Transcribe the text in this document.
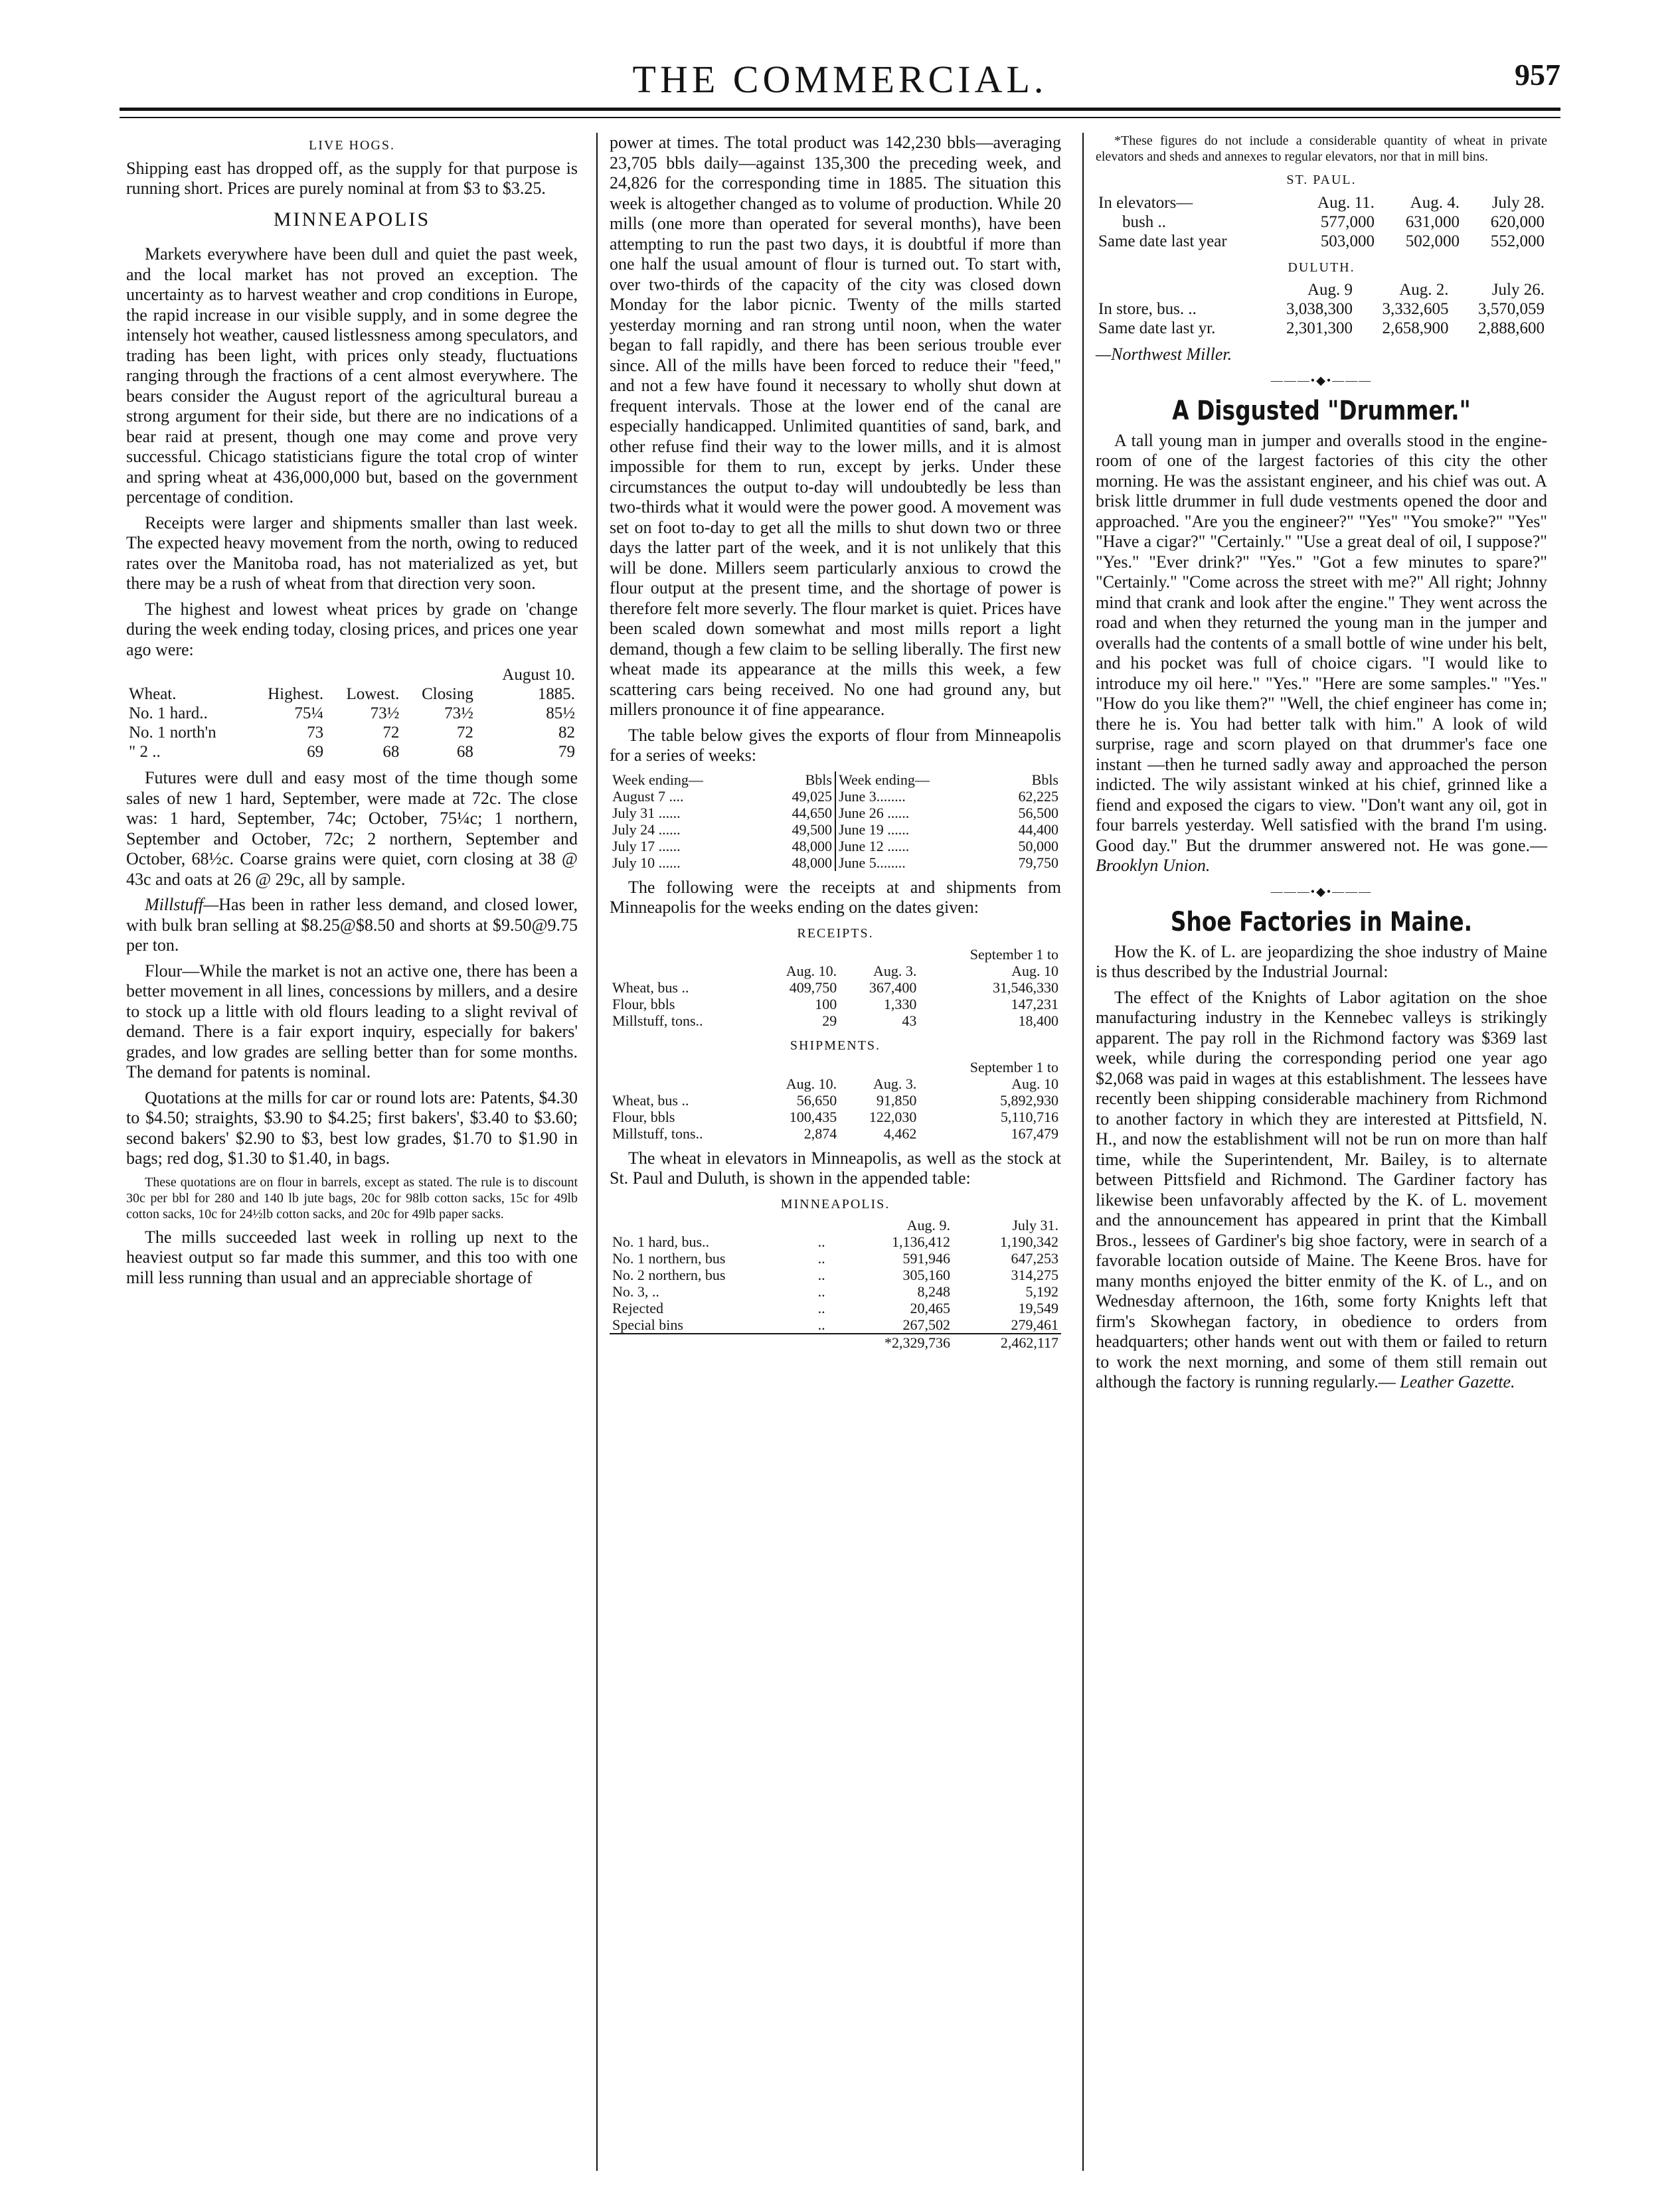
THE COMMERCIAL.	957
LIVE HOGS.

Shipping east has dropped off, as the supply for that purpose is running short. Prices are purely nominal at from $3 to $3.25.

MINNEAPOLIS

Markets everywhere have been dull and quiet the past week, and the local market has not proved an exception. The uncertainty as to harvest weather and crop conditions in Europe, the rapid increase in our visible supply, and in some degree the intensely hot weather, caused listlessness among speculators, and trading has been light, with prices only steady, fluctuations ranging through the fractions of a cent almost everywhere. The bears consider the August report of the agricultural bureau a strong argument for their side, but there are no indications of a bear raid at present, though one may come and prove very successful. Chicago statisticians figure the total crop of winter and spring wheat at 436,000,000 but, based on the government percentage of condition.

Receipts were larger and shipments smaller than last week. The expected heavy movement from the north, owing to reduced rates over the Manitoba road, has not materialized as yet, but there may be a rush of wheat from that direction very soon.

The highest and lowest wheat prices by grade on 'change during the week ending today, closing prices, and prices one year ago were:

				August 10.
Wheat.	Highest.	Lowest.	Closing	1885.
No. 1 hard..	75¼	73½	73½	85½
No. 1 north'n	73	72	72	82
" 2 ..	69	68	68	79

Futures were dull and easy most of the time though some sales of new 1 hard, September, were made at 72c. The close was: 1 hard, September, 74c; October, 75¼c; 1 northern, September and October, 72c; 2 northern, September and October, 68½c. Coarse grains were quiet, corn closing at 38 @ 43c and oats at 26 @ 29c, all by sample.

Millstuff—Has been in rather less demand, and closed lower, with bulk bran selling at $8.25@$8.50 and shorts at $9.50@9.75 per ton.

Flour—While the market is not an active one, there has been a better movement in all lines, concessions by millers, and a desire to stock up a little with old flours leading to a slight revival of demand. There is a fair export inquiry, especially for bakers' grades, and low grades are selling better than for some months. The demand for patents is nominal.

Quotations at the mills for car or round lots are: Patents, $4.30 to $4.50; straights, $3.90 to $4.25; first bakers', $3.40 to $3.60; second bakers' $2.90 to $3, best low grades, $1.70 to $1.90 in bags; red dog, $1.30 to $1.40, in bags.

These quotations are on flour in barrels, except as stated. The rule is to discount 30c per bbl for 280 and 140 lb jute bags, 20c for 98lb cotton sacks, 15c for 49lb cotton sacks, 10c for 24½lb cotton sacks, and 20c for 49lb paper sacks.

The mills succeeded last week in rolling up next to the heaviest output so far made this summer, and this too with one mill less running than usual and an appreciable shortage of

power at times. The total product was 142,230 bbls—averaging 23,705 bbls daily—against 135,300 the preceding week, and 24,826 for the corresponding time in 1885. The situation this week is altogether changed as to volume of production. While 20 mills (one more than operated for several months), have been attempting to run the past two days, it is doubtful if more than one half the usual amount of flour is turned out. To start with, over two-thirds of the capacity of the city was closed down Monday for the labor picnic. Twenty of the mills started yesterday morning and ran strong until noon, when the water began to fall rapidly, and there has been serious trouble ever since. All of the mills have been forced to reduce their "feed," and not a few have found it necessary to wholly shut down at frequent intervals. Those at the lower end of the canal are especially handicapped. Unlimited quantities of sand, bark, and other refuse find their way to the lower mills, and it is almost impossible for them to run, except by jerks. Under these circumstances the output to-day will undoubtedly be less than two-thirds what it would were the power good. A movement was set on foot to-day to get all the mills to shut down two or three days the latter part of the week, and it is not unlikely that this will be done. Millers seem particularly anxious to crowd the flour output at the present time, and the shortage of power is therefore felt more severly. The flour market is quiet. Prices have been scaled down somewhat and most mills report a light demand, though a few claim to be selling liberally. The first new wheat made its appearance at the mills this week, a few scattering cars being received. No one had ground any, but millers pronounce it of fine appearance.

The table below gives the exports of flour from Minneapolis for a series of weeks:

Week ending—	Bbls	Week ending—	Bbls
August 7 ....	49,025	June 3........	62,225
July 31 ......	44,650	June 26 ......	56,500
July 24 ......	49,500	June 19 ......	44,400
July 17 ......	48,000	June 12 ......	50,000
July 10 ......	48,000	June 5........	79,750

The following were the receipts at and shipments from Minneapolis for the weeks ending on the dates given:

RECEIPTS.
			September 1 to
	Aug. 10.	Aug. 3.	Aug. 10
Wheat, bus ..	409,750	367,400	31,546,330
Flour, bbls	100	1,330	147,231
Millstuff, tons..	29	43	18,400
SHIPMENTS.
			September 1 to
	Aug. 10.	Aug. 3.	Aug. 10
Wheat, bus ..	56,650	91,850	5,892,930
Flour, bbls	100,435	122,030	5,110,716
Millstuff, tons..	2,874	4,462	167,479

The wheat in elevators in Minneapolis, as well as the stock at St. Paul and Duluth, is shown in the appended table:

MINNEAPOLIS.
		Aug. 9.	July 31.
No. 1 hard, bus..	..	1,136,412	1,190,342
No. 1 northern, bus	..	591,946	647,253
No. 2 northern, bus	..	305,160	314,275
No. 3, ..	..	8,248	5,192
Rejected	..	20,465	19,549
Special bins	..	267,502	279,461
		*2,329,736	2,462,117

*These figures do not include a considerable quantity of wheat in private elevators and sheds and annexes to regular elevators, nor that in mill bins.

ST. PAUL.
In elevators—	Aug. 11.	Aug. 4.	July 28.
bush ..	577,000	631,000	620,000
Same date last year	503,000	502,000	552,000
DULUTH.
	Aug. 9	Aug. 2.	July 26.
In store, bus. ..	3,038,300	3,332,605	3,570,059
Same date last yr.	2,301,300	2,658,900	2,888,600

—Northwest Miller.

———•◆•———
A Disgusted "Drummer."

A tall young man in jumper and overalls stood in the engine-room of one of the largest factories of this city the other morning. He was the assistant engineer, and his chief was out. A brisk little drummer in full dude vestments opened the door and approached. "Are you the engineer?" "Yes" "You smoke?" "Yes" "Have a cigar?" "Certainly." "Use a great deal of oil, I suppose?" "Yes." "Ever drink?" "Yes." "Got a few minutes to spare?" "Certainly." "Come across the street with me?" All right; Johnny mind that crank and look after the engine." They went across the road and when they returned the young man in the jumper and overalls had the contents of a small bottle of wine under his belt, and his pocket was full of choice cigars. "I would like to introduce my oil here." "Yes." "Here are some samples." "Yes." "How do you like them?" "Well, the chief engineer has come in; there he is. You had better talk with him." A look of wild surprise, rage and scorn played on that drummer's face one instant —then he turned sadly away and approached the person indicted. The wily assistant winked at his chief, grinned like a fiend and exposed the cigars to view. "Don't want any oil, got in four barrels yesterday. Well satisfied with the brand I'm using. Good day." But the drummer answered not. He was gone.— Brooklyn Union.

———•◆•———
Shoe Factories in Maine.

How the K. of L. are jeopardizing the shoe industry of Maine is thus described by the Industrial Journal:

The effect of the Knights of Labor agitation on the shoe manufacturing industry in the Kennebec valleys is strikingly apparent. The pay roll in the Richmond factory was $369 last week, while during the corresponding period one year ago $2,068 was paid in wages at this establishment. The lessees have recently been shipping considerable machinery from Richmond to another factory in which they are interested at Pittsfield, N. H., and now the establishment will not be run on more than half time, while the Superintendent, Mr. Bailey, is to alternate between Pittsfield and Richmond. The Gardiner factory has likewise been unfavorably affected by the K. of L. movement and the announcement has appeared in print that the Kimball Bros., lessees of Gardiner's big shoe factory, were in search of a favorable location outside of Maine. The Keene Bros. have for many months enjoyed the bitter enmity of the K. of L., and on Wednesday afternoon, the 16th, some forty Knights left that firm's Skowhegan factory, in obedience to orders from headquarters; other hands went out with them or failed to return to work the next morning, and some of them still remain out although the factory is running regularly.— Leather Gazette.
